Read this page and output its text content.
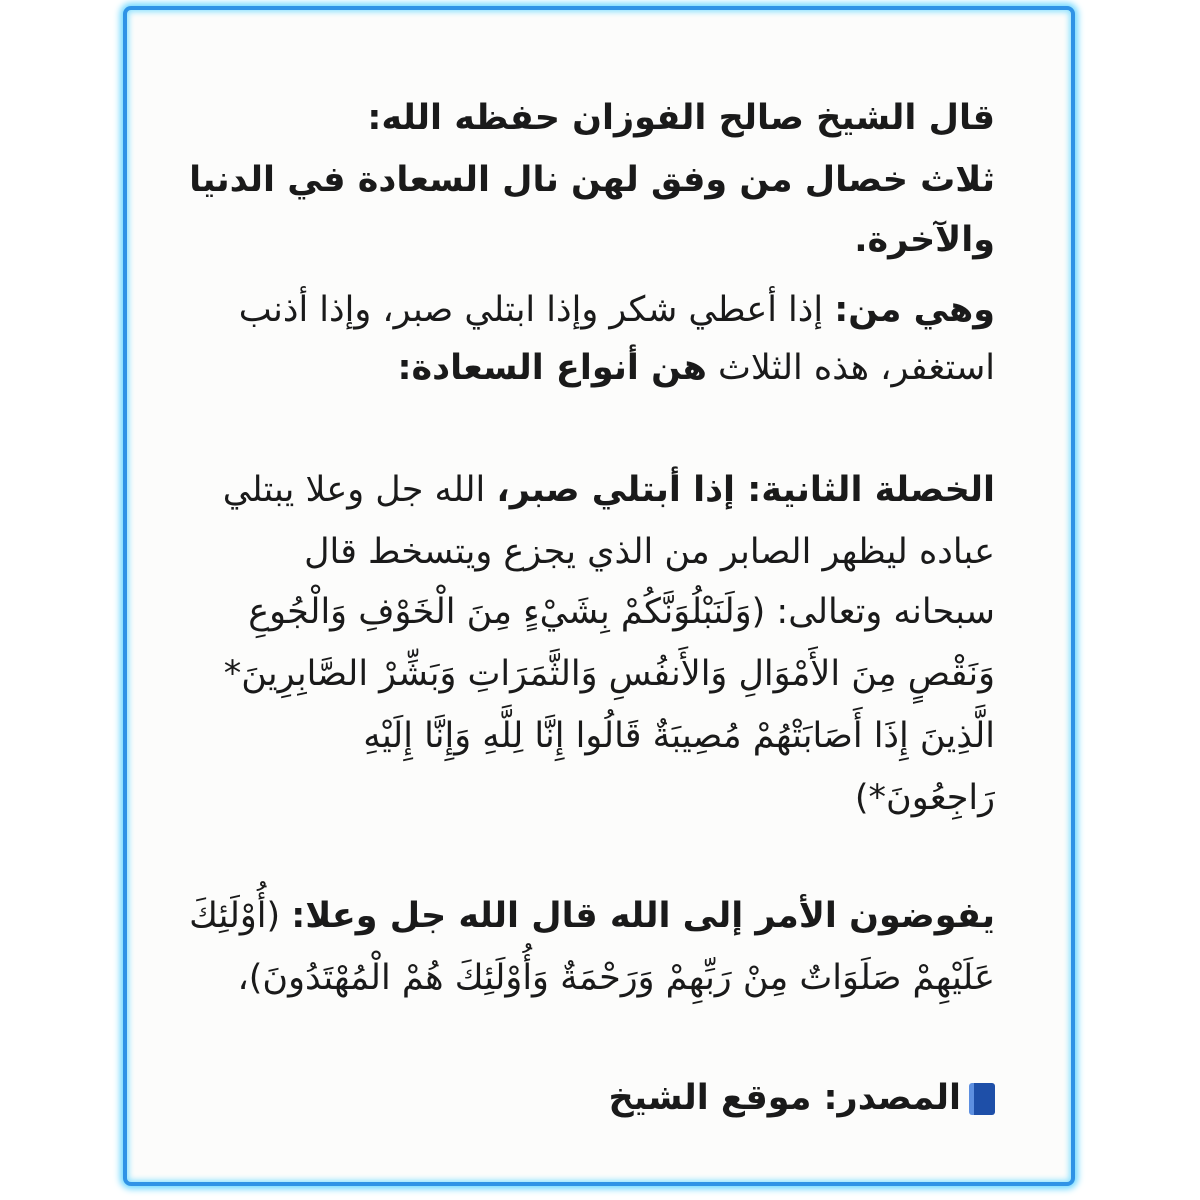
قال الشيخ صالح الفوزان حفظه الله:
ثلاث خصال من وفق لهن نال السعادة في الدنيا
والآخرة.
وهي من: إذا أعطي شكر وإذا ابتلي صبر، وإذا أذنب
استغفر، هذه الثلاث هن أنواع السعادة:
الخصلة الثانية: إذا أبتلي صبر، الله جل وعلا يبتلي
عباده ليظهر الصابر من الذي يجزع ويتسخط قال
سبحانه وتعالى: (وَلَنَبْلُوَنَّكُمْ بِشَيْءٍ مِنَ الْخَوْفِ وَالْجُوعِ
وَنَقْصٍ مِنَ الأَمْوَالِ وَالأَنفُسِ وَالثَّمَرَاتِ وَبَشِّرْ الصَّابِرِينَ*
الَّذِينَ إِذَا أَصَابَتْهُمْ مُصِيبَةٌ قَالُوا إِنَّا لِلَّهِ وَإِنَّا إِلَيْهِ
رَاجِعُونَ*)
يفوضون الأمر إلى الله قال الله جل وعلا: (أُوْلَئِكَ
عَلَيْهِمْ صَلَوَاتٌ مِنْ رَبِّهِمْ وَرَحْمَةٌ وَأُوْلَئِكَ هُمْ الْمُهْتَدُونَ)،
المصدر: موقع الشيخ
